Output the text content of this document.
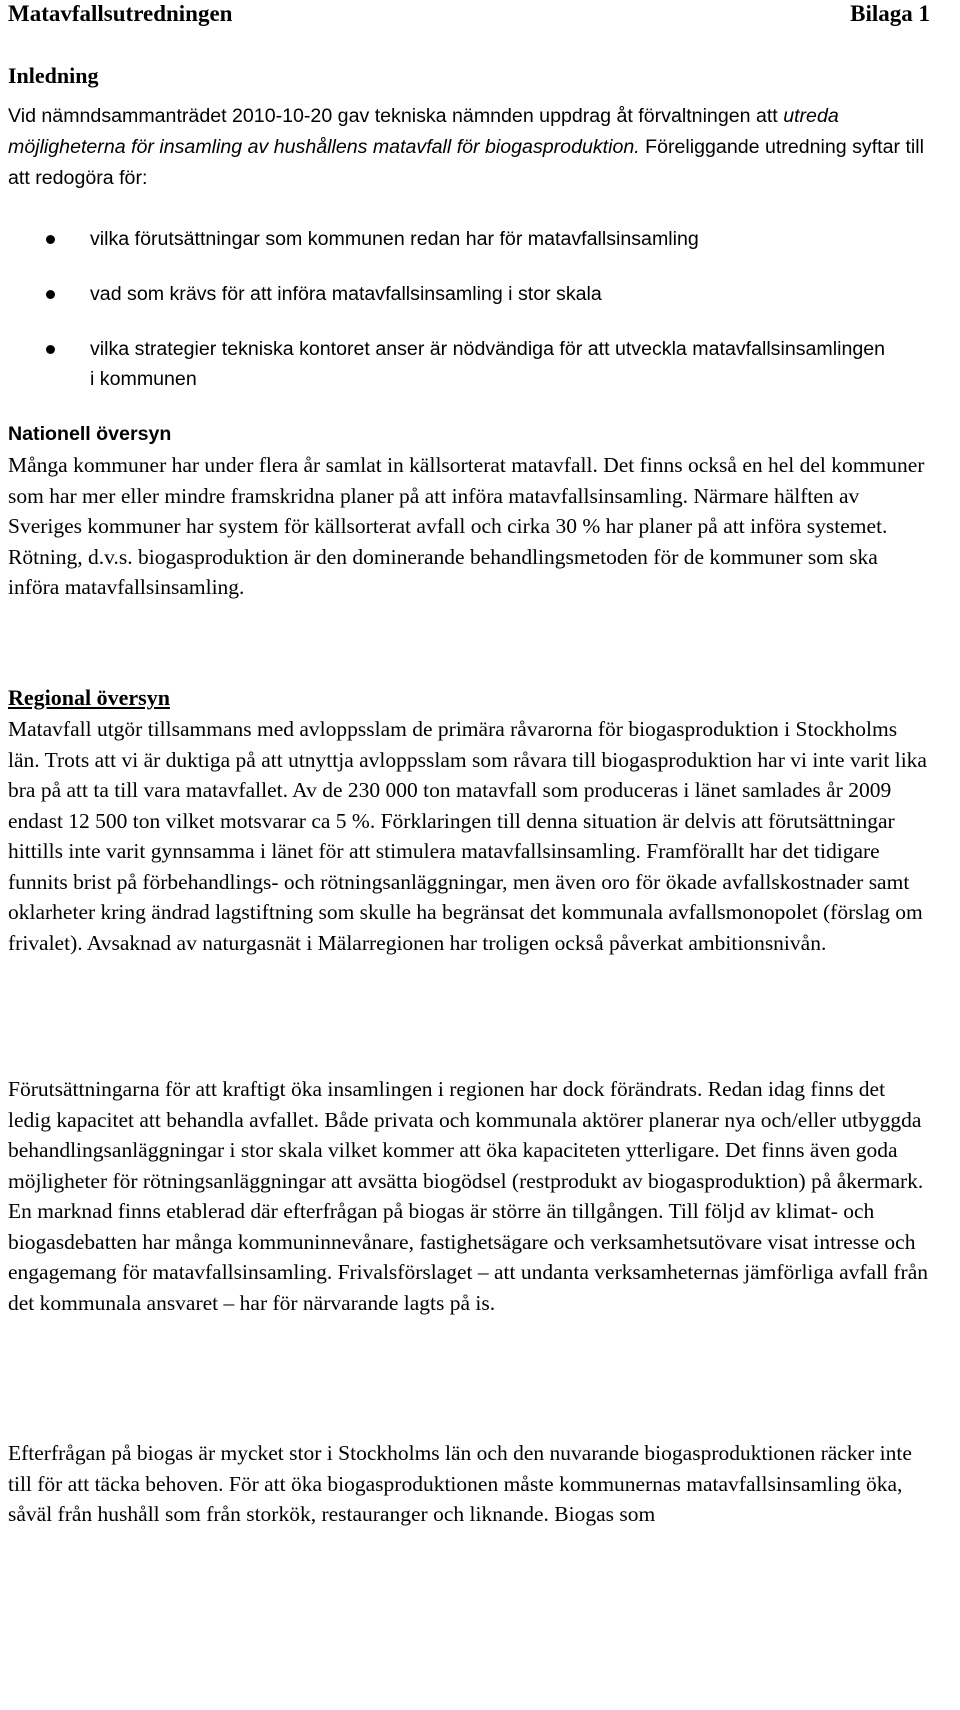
Matavfallsutredningen	Bilaga 1
Inledning
Vid nämndsammanträdet 2010-10-20 gav tekniska nämnden uppdrag åt förvaltningen att utreda möjligheterna för insamling av hushållens matavfall för biogasproduktion. Föreliggande utredning syftar till att redogöra för:
vilka förutsättningar som kommunen redan har för matavfallsinsamling
vad som krävs för att införa matavfallsinsamling i stor skala
vilka strategier tekniska kontoret anser är nödvändiga för att utveckla matavfallsinsamlingen i kommunen
Nationell översyn
Många kommuner har under flera år samlat in källsorterat matavfall. Det finns också en hel del kommuner som har mer eller mindre framskridna planer på att införa matavfallsinsamling. Närmare hälften av Sveriges kommuner har system för källsorterat avfall och cirka 30 % har planer på att införa systemet. Rötning, d.v.s. biogasproduktion är den dominerande behandlingsmetoden för de kommuner som ska införa matavfallsinsamling.
Regional översyn
Matavfall utgör tillsammans med avloppsslam de primära råvarorna för biogasproduktion i Stockholms län. Trots att vi är duktiga på att utnyttja avloppsslam som råvara till biogasproduktion har vi inte varit lika bra på att ta till vara matavfallet. Av de 230 000 ton matavfall som produceras i länet samlades år 2009 endast 12 500 ton vilket motsvarar ca 5 %. Förklaringen till denna situation är delvis att förutsättningar hittills inte varit gynnsamma i länet för att stimulera matavfallsinsamling. Framförallt har det tidigare funnits brist på förbehandlings- och rötningsanläggningar, men även oro för ökade avfallskostnader samt oklarheter kring ändrad lagstiftning som skulle ha begränsat det kommunala avfallsmonopolet (förslag om frivalet). Avsaknad av naturgasnät i Mälarregionen har troligen också påverkat ambitionsnivån.
Förutsättningarna för att kraftigt öka insamlingen i regionen har dock förändrats. Redan idag finns det ledig kapacitet att behandla avfallet. Både privata och kommunala aktörer planerar nya och/eller utbyggda behandlingsanläggningar i stor skala vilket kommer att öka kapaciteten ytterligare. Det finns även goda möjligheter för rötningsanläggningar att avsätta biogödsel (restprodukt av biogasproduktion) på åkermark. En marknad finns etablerad där efterfrågan på biogas är större än tillgången. Till följd av klimat- och biogasdebatten har många kommuninnevånare, fastighetsägare och verksamhetsutövare visat intresse och engagemang för matavfallsinsamling. Frivalsförslaget – att undanta verksamheternas jämförliga avfall från det kommunala ansvaret – har för närvarande lagts på is.
Efterfrågan på biogas är mycket stor i Stockholms län och den nuvarande biogasproduktionen räcker inte till för att täcka behoven. För att öka biogasproduktionen måste kommunernas matavfallsinsamling öka, såväl från hushåll som från storkök, restauranger och liknande. Biogas som
